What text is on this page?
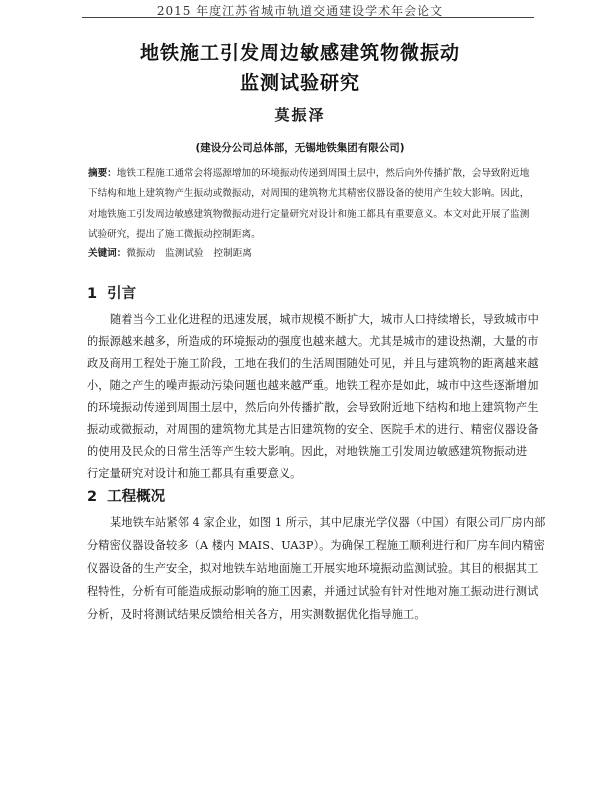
2015 年度江苏省城市轨道交通建设学术年会论文
地铁施工引发周边敏感建筑物微振动
监测试验研究
莫振泽
(建设分公司总体部，无锡地铁集团有限公司)
摘要：地铁工程施工通常会将巡源增加的环境振动传递到周围土层中，然后向外传播扩散，会导致附近地
下结构和地上建筑物产生振动或微振动，对周围的建筑物尤其精密仪器设备的使用产生较大影响。因此，
对地铁施工引发周边敏感建筑物微振动进行定量研究对设计和施工都具有重要意义。本文对此开展了监测
试验研究，提出了施工微振动控制距离。
关键词：微振动 监测试验 控制距离
1 引言
随着当今工业化进程的迅速发展，城市规模不断扩大，城市人口持续增长，导致城市中
的振源越来越多，所造成的环境振动的强度也越来越大。尤其是城市的建设热潮，大量的市
政及商用工程处于施工阶段，工地在我们的生活周围随处可见，并且与建筑物的距离越来越
小，随之产生的噪声振动污染问题也越来越严重。地铁工程亦是如此，城市中这些逐渐增加
的环境振动传递到周围土层中，然后向外传播扩散，会导致附近地下结构和地上建筑物产生
振动或微振动，对周围的建筑物尤其是古旧建筑物的安全、医院手术的进行、精密仪器设备
的使用及民众的日常生活等产生较大影响。因此，对地铁施工引发周边敏感建筑物振动进
行定量研究对设计和施工都具有重要意义。
2 工程概况
某地铁车站紧邻 4 家企业，如图 1 所示，其中尼康光学仪器（中国）有限公司厂房内部
分精密仪器设备较多（A 楼内 MAIS、UA3P）。为确保工程施工顺利进行和厂房车间内精密
仪器设备的生产安全，拟对地铁车站地面施工开展实地环境振动监测试验。其目的根据其工
程特性，分析有可能造成振动影响的施工因素，并通过试验有针对性地对施工振动进行测试
分析，及时将测试结果反馈给相关各方，用实测数据优化指导施工。
